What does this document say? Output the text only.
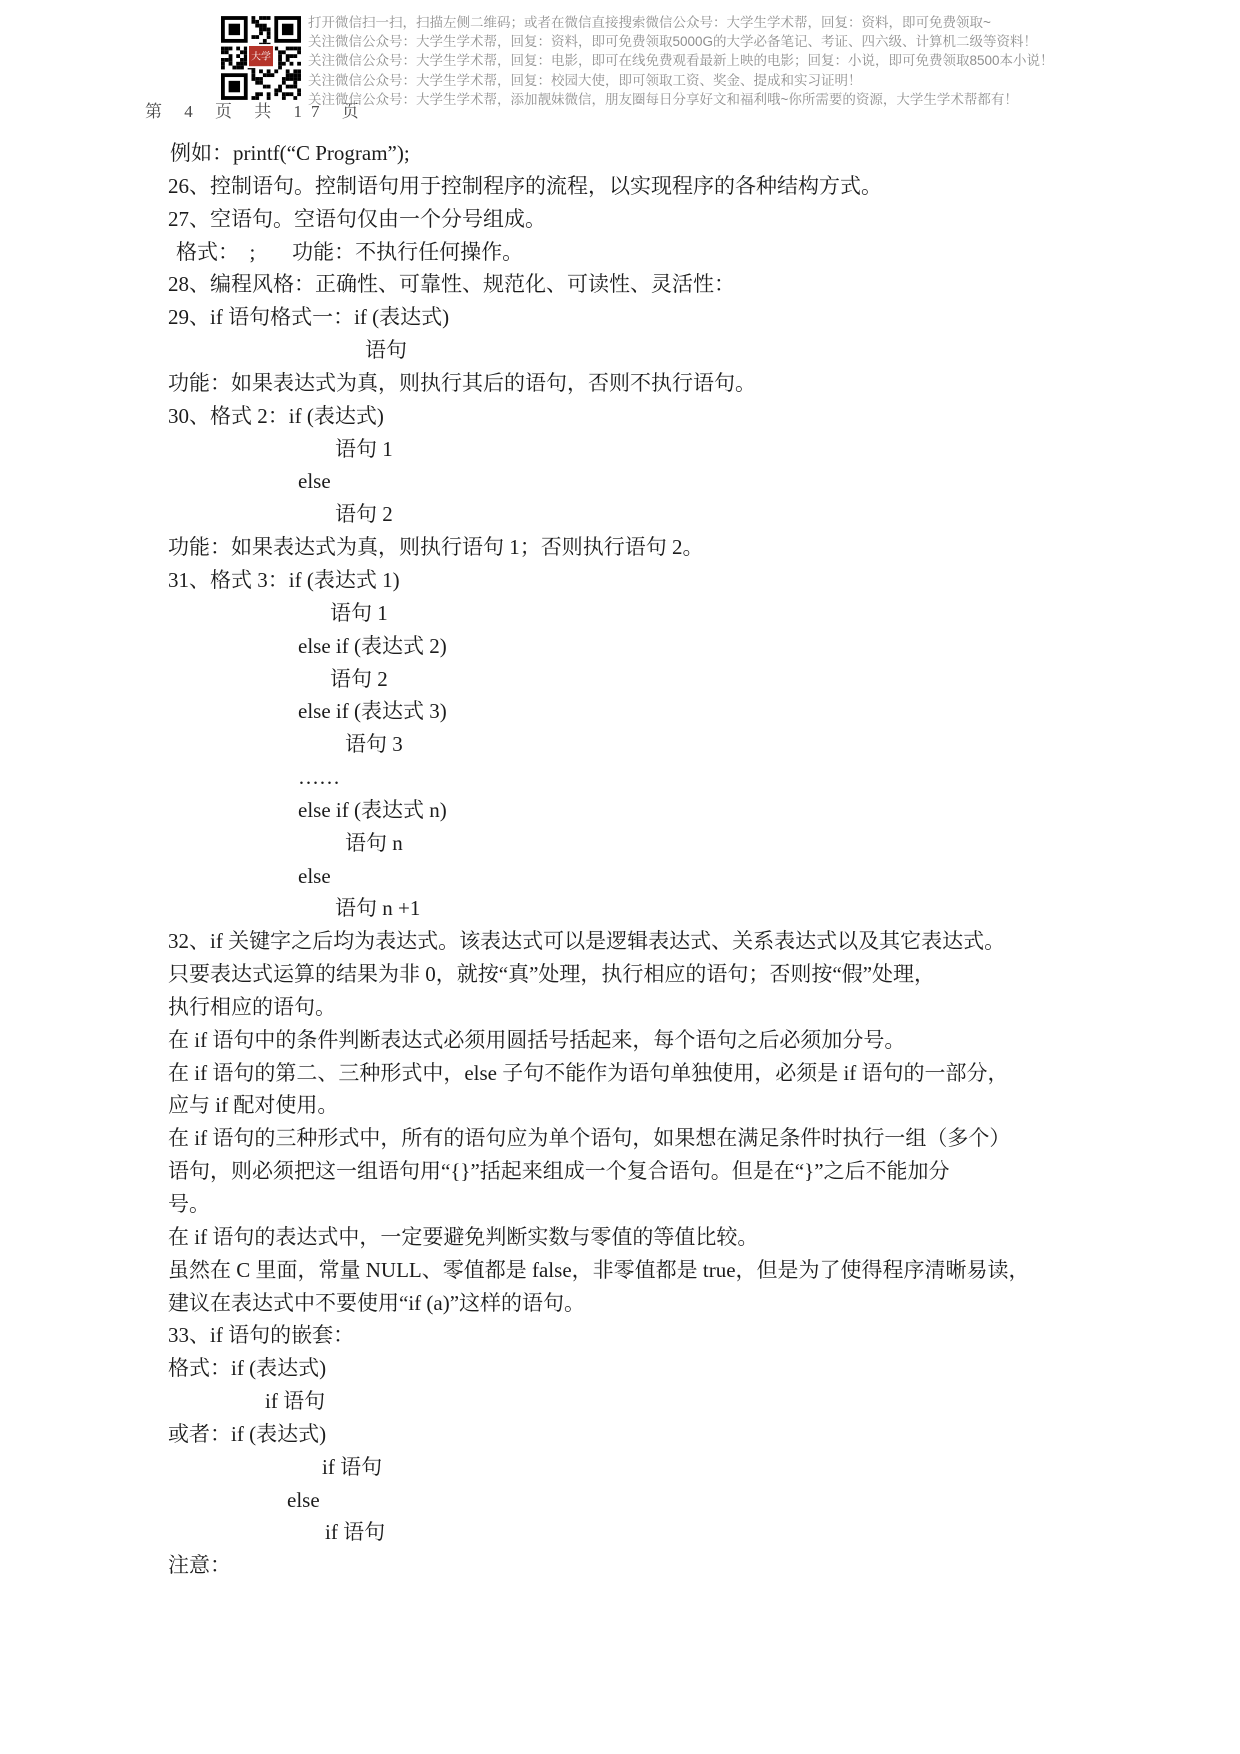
大学
打开微信扫一扫，扫描左侧二维码；或者在微信直接搜索微信公众号：大学生学术帮，回复：资料，即可免费领取~
关注微信公众号：大学生学术帮，回复：资料，即可免费领取5000G的大学必备笔记、考证、四六级、计算机二级等资料！
关注微信公众号：大学生学术帮，回复：电影，即可在线免费观看最新上映的电影；回复：小说，即可免费领取8500本小说！
关注微信公众号：大学生学术帮，回复：校园大使，即可领取工资、奖金、提成和实习证明！
关注微信公众号：大学生学术帮，添加靓妹微信，朋友圈每日分享好文和福利哦~你所需要的资源，大学生学术帮都有！
第 4 页 共 17 页
例如：printf(“C Program”);
26、控制语句。控制语句用于控制程序的流程，以实现程序的各种结构方式。
27、空语句。空语句仅由一个分号组成。
格式：  ;       功能：不执行任何操作。
28、编程风格：正确性、可靠性、规范化、可读性、灵活性：
29、if 语句格式一：if (表达式)
语句
功能：如果表达式为真，则执行其后的语句，否则不执行语句。
30、格式 2：if (表达式)
语句 1
else
语句 2
功能：如果表达式为真，则执行语句 1；否则执行语句 2。
31、格式 3：if (表达式 1)
语句 1
else if (表达式 2)
语句 2
else if (表达式 3)
语句 3
……
else if (表达式 n)
语句 n
else
语句 n +1
32、if 关键字之后均为表达式。该表达式可以是逻辑表达式、关系表达式以及其它表达式。
只要表达式运算的结果为非 0，就按“真”处理，执行相应的语句；否则按“假”处理，
执行相应的语句。
在 if 语句中的条件判断表达式必须用圆括号括起来，每个语句之后必须加分号。
在 if 语句的第二、三种形式中，else 子句不能作为语句单独使用，必须是 if 语句的一部分，
应与 if 配对使用。
在 if 语句的三种形式中，所有的语句应为单个语句，如果想在满足条件时执行一组（多个）
语句，则必须把这一组语句用“{}”括起来组成一个复合语句。但是在“}”之后不能加分
号。
在 if 语句的表达式中，一定要避免判断实数与零值的等值比较。
虽然在 C 里面，常量 NULL、零值都是 false，非零值都是 true，但是为了使得程序清晰易读，
建议在表达式中不要使用“if (a)”这样的语句。
33、if 语句的嵌套：
格式：if (表达式)
if 语句
或者：if (表达式)
if 语句
else
if 语句
注意：
